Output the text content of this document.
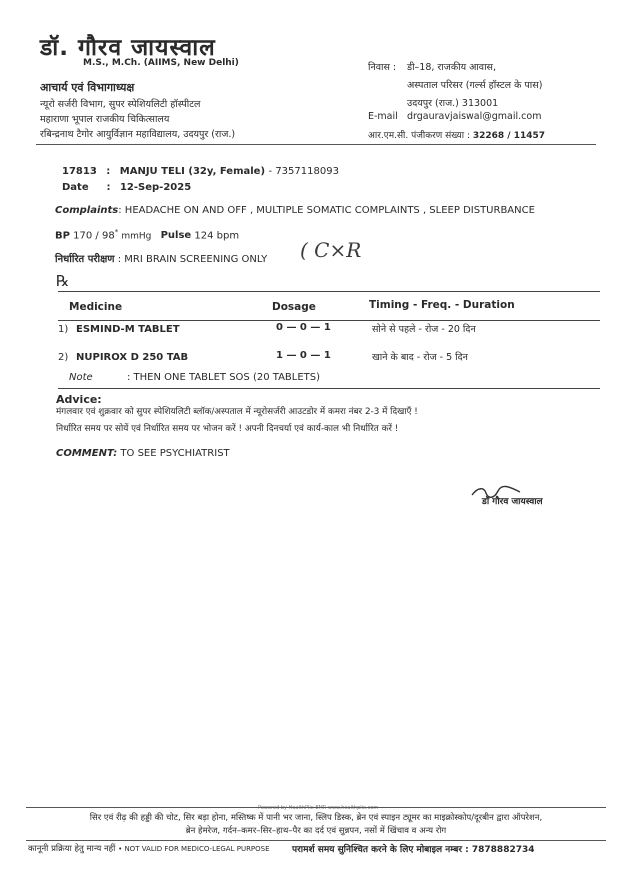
डॉ. गौरव जायस्वाल
M.S., M.Ch. (AIIMS, New Delhi)
आचार्य एवं विभागाध्यक्ष
न्यूरो सर्जरी विभाग, सुपर स्पेशियलिटी हॉस्पीटल
महाराणा भूपाल राजकीय चिकित्सालय
रबिन्द्रनाथ टैगोर आयुर्विज्ञान महाविद्यालय, उदयपुर (राज.)
निवास : डी–18, राजकीय आवास,
अस्पताल परिसर (गर्ल्स हॉस्टल के पास)
उदयपुर (राज.) 313001
E-mail drgauravjaiswal@gmail.com
आर.एम.सी. पंजीकरण संख्या : 32268 / 11457
17813 : MANJU TELI (32y, Female) - 7357118093
Date : 12-Sep-2025
Complaints: HEADACHE ON AND OFF , MULTIPLE SOMATIC COMPLAINTS , SLEEP DISTURBANCE
BP 170 / 98* mmHg Pulse 124 bpm
निर्धारित परीक्षण : MRI BRAIN SCREENING ONLY ( C×R
℞
Medicine	Dosage	Timing - Freq. - Duration
1) ESMIND-M TABLET	0 — 0 — 1	सोने से पहले - रोज - 20 दिन
2) NUPIROX D 250 TAB	1 — 0 — 1	खाने के बाद - रोज - 5 दिन
Note	: THEN ONE TABLET SOS (20 TABLETS)
Advice:
मंगलवार एवं शुक्रवार को सुपर स्पेशियलिटी ब्लॉक/अस्पताल में न्यूरोसर्जरी आउटडोर में कमरा नंबर 2-3 में दिखाएँ !
निर्धारित समय पर सोयें एवं निर्धारित समय पर भोजन करें ! अपनी दिनचर्या एवं कार्य-काल भी निर्धारित करें !
COMMENT: TO SEE PSYCHIATRIST
डॉ गौरव जायस्वाल
Powered by HealthPlix EMR www.healthplix.com
सिर एवं रीढ़ की हड्डी की चोट, सिर बड़ा होना, मस्तिष्क में पानी भर जाना, स्लिप डिस्क, ब्रेन एवं स्पाइन ट्यूमर का माइक्रोस्कोप/दूरबीन द्वारा ऑपरेशन,
ब्रेन हेमरेज, गर्दन–कमर–सिर–हाथ–पैर का दर्द एवं सुन्नपन, नसों में खिंचाव व अन्य रोग
कानूनी प्रक्रिया हेतु मान्य नहीं • NOT VALID FOR MEDICO-LEGAL PURPOSE परामर्श समय सुनिश्चित करने के लिए मोबाइल नम्बर : 7878882734
